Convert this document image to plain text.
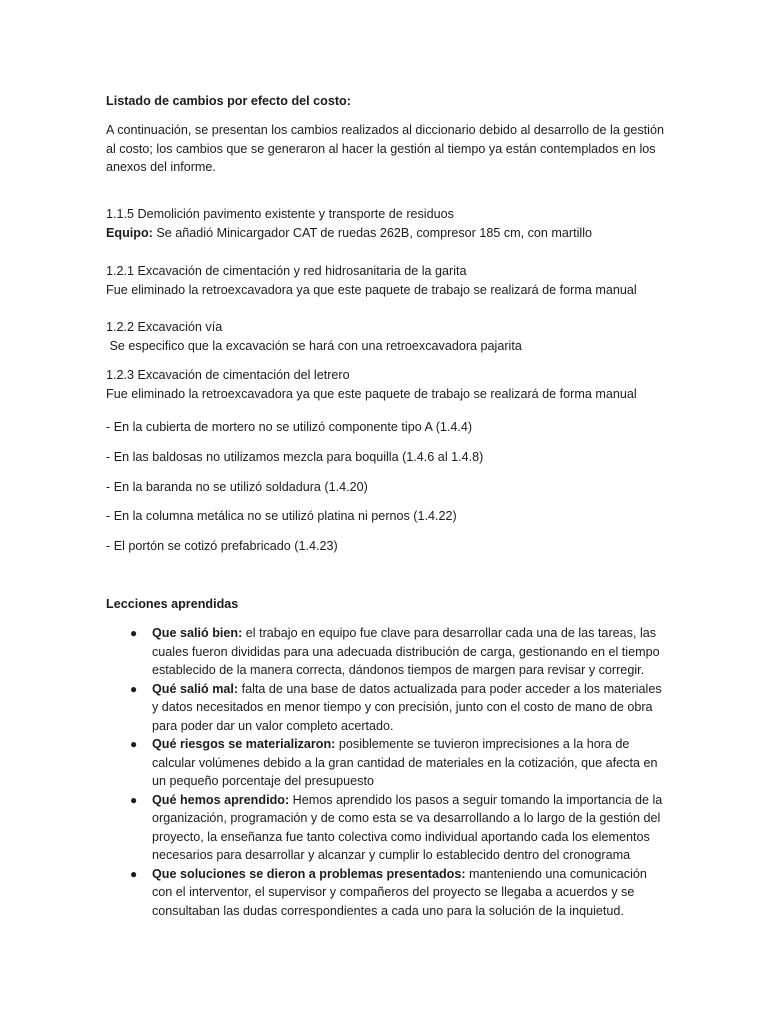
Listado de cambios por efecto del costo:

A continuación, se presentan los cambios realizados al diccionario debido al desarrollo de la gestión al costo; los cambios que se generaron al hacer la gestión al tiempo ya están contemplados en los anexos del informe.

1.1.5 Demolición pavimento existente y transporte de residuos
Equipo: Se añadió Minicargador CAT de ruedas 262B, compresor 185 cm, con martillo
1.2.1 Excavación de cimentación y red hidrosanitaria de la garita
Fue eliminado la retroexcavadora ya que este paquete de trabajo se realizará de forma manual
1.2.2 Excavación vía
Se especifico que la excavación se hará con una retroexcavadora pajarita
1.2.3 Excavación de cimentación del letrero
Fue eliminado la retroexcavadora ya que este paquete de trabajo se realizará de forma manual
- En la cubierta de mortero no se utilizó componente tipo A (1.4.4)
- En las baldosas no utilizamos mezcla para boquilla (1.4.6 al 1.4.8)
- En la baranda no se utilizó soldadura (1.4.20)
- En la columna metálica no se utilizó platina ni pernos (1.4.22)
- El portón se cotizó prefabricado (1.4.23)

Lecciones aprendidas

● Que salió bien: el trabajo en equipo fue clave para desarrollar cada una de las tareas, las cuales fueron divididas para una adecuada distribución de carga, gestionando en el tiempo establecido de la manera correcta, dándonos tiempos de margen para revisar y corregir.
● Qué salió mal: falta de una base de datos actualizada para poder acceder a los materiales y datos necesitados en menor tiempo y con precisión, junto con el costo de mano de obra para poder dar un valor completo acertado.
● Qué riesgos se materializaron: posiblemente se tuvieron imprecisiones a la hora de calcular volúmenes debido a la gran cantidad de materiales en la cotización, que afecta en un pequeño porcentaje del presupuesto
● Qué hemos aprendido: Hemos aprendido los pasos a seguir tomando la importancia de la organización, programación y de como esta se va desarrollando a lo largo de la gestión del proyecto, la enseñanza fue tanto colectiva como individual aportando cada los elementos necesarios para desarrollar y alcanzar y cumplir lo establecido dentro del cronograma
● Que soluciones se dieron a problemas presentados: manteniendo una comunicación con el interventor, el supervisor y compañeros del proyecto se llegaba a acuerdos y se consultaban las dudas correspondientes a cada uno para la solución de la inquietud.
